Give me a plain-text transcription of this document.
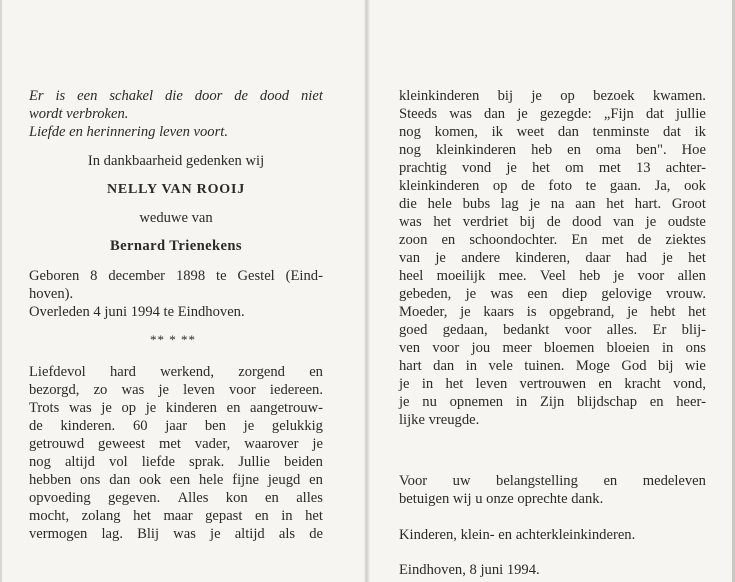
Er is een schakel die door de dood niet
wordt verbroken.
Liefde en herinnering leven voort.
In dankbaarheid gedenken wij
NELLY VAN ROOIJ
weduwe van
Bernard Trienekens
Geboren 8 december 1898 te Gestel (Eind-
hoven).
Overleden 4 juni 1994 te Eindhoven.
** * **
Liefdevol hard werkend, zorgend en
bezorgd, zo was je leven voor iedereen.
Trots was je op je kinderen en aangetrouw-
de kinderen. 60 jaar ben je gelukkig
getrouwd geweest met vader, waarover je
nog altijd vol liefde sprak. Jullie beiden
hebben ons dan ook een hele fijne jeugd en
opvoeding gegeven. Alles kon en alles
mocht, zolang het maar gepast en in het
vermogen lag. Blij was je altijd als de
kleinkinderen bij je op bezoek kwamen.
Steeds was dan je gezegde: „Fijn dat jullie
nog komen, ik weet dan tenminste dat ik
nog kleinkinderen heb en oma ben". Hoe
prachtig vond je het om met 13 achter-
kleinkinderen op de foto te gaan. Ja, ook
die hele bubs lag je na aan het hart. Groot
was het verdriet bij de dood van je oudste
zoon en schoondochter. En met de ziektes
van je andere kinderen, daar had je het
heel moeilijk mee. Veel heb je voor allen
gebeden, je was een diep gelovige vrouw.
Moeder, je kaars is opgebrand, je hebt het
goed gedaan, bedankt voor alles. Er blij-
ven voor jou meer bloemen bloeien in ons
hart dan in vele tuinen. Moge God bij wie
je in het leven vertrouwen en kracht vond,
je nu opnemen in Zijn blijdschap en heer-
lijke vreugde.
Voor uw belangstelling en medeleven
betuigen wij u onze oprechte dank.
Kinderen, klein- en achterkleinkinderen.
Eindhoven, 8 juni 1994.
